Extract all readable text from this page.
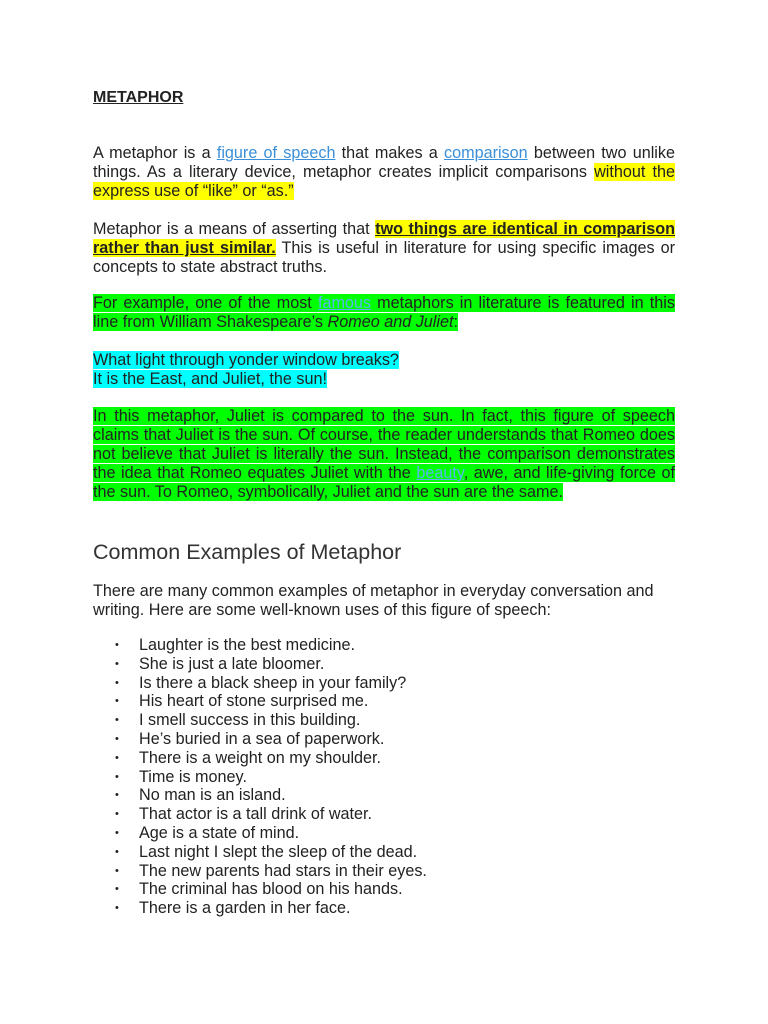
METAPHOR

A metaphor is a figure of speech that makes a comparison between two unlike things. As a literary device, metaphor creates implicit comparisons without the express use of “like” or “as.”

Metaphor is a means of asserting that two things are identical in comparison rather than just similar. This is useful in literature for using specific images or concepts to state abstract truths.

For example, one of the most famous metaphors in literature is featured in this line from William Shakespeare’s Romeo and Juliet:

What light through yonder window breaks?
It is the East, and Juliet, the sun!

In this metaphor, Juliet is compared to the sun. In fact, this figure of speech claims that Juliet is the sun. Of course, the reader understands that Romeo does not believe that Juliet is literally the sun. Instead, the comparison demonstrates the idea that Romeo equates Juliet with the beauty, awe, and life-giving force of the sun. To Romeo, symbolically, Juliet and the sun are the same.

Common Examples of Metaphor

There are many common examples of metaphor in everyday conversation and writing. Here are some well-known uses of this figure of speech:

• Laughter is the best medicine.
• She is just a late bloomer.
• Is there a black sheep in your family?
• His heart of stone surprised me.
• I smell success in this building.
• He’s buried in a sea of paperwork.
• There is a weight on my shoulder.
• Time is money.
• No man is an island.
• That actor is a tall drink of water.
• Age is a state of mind.
• Last night I slept the sleep of the dead.
• The new parents had stars in their eyes.
• The criminal has blood on his hands.
• There is a garden in her face.
